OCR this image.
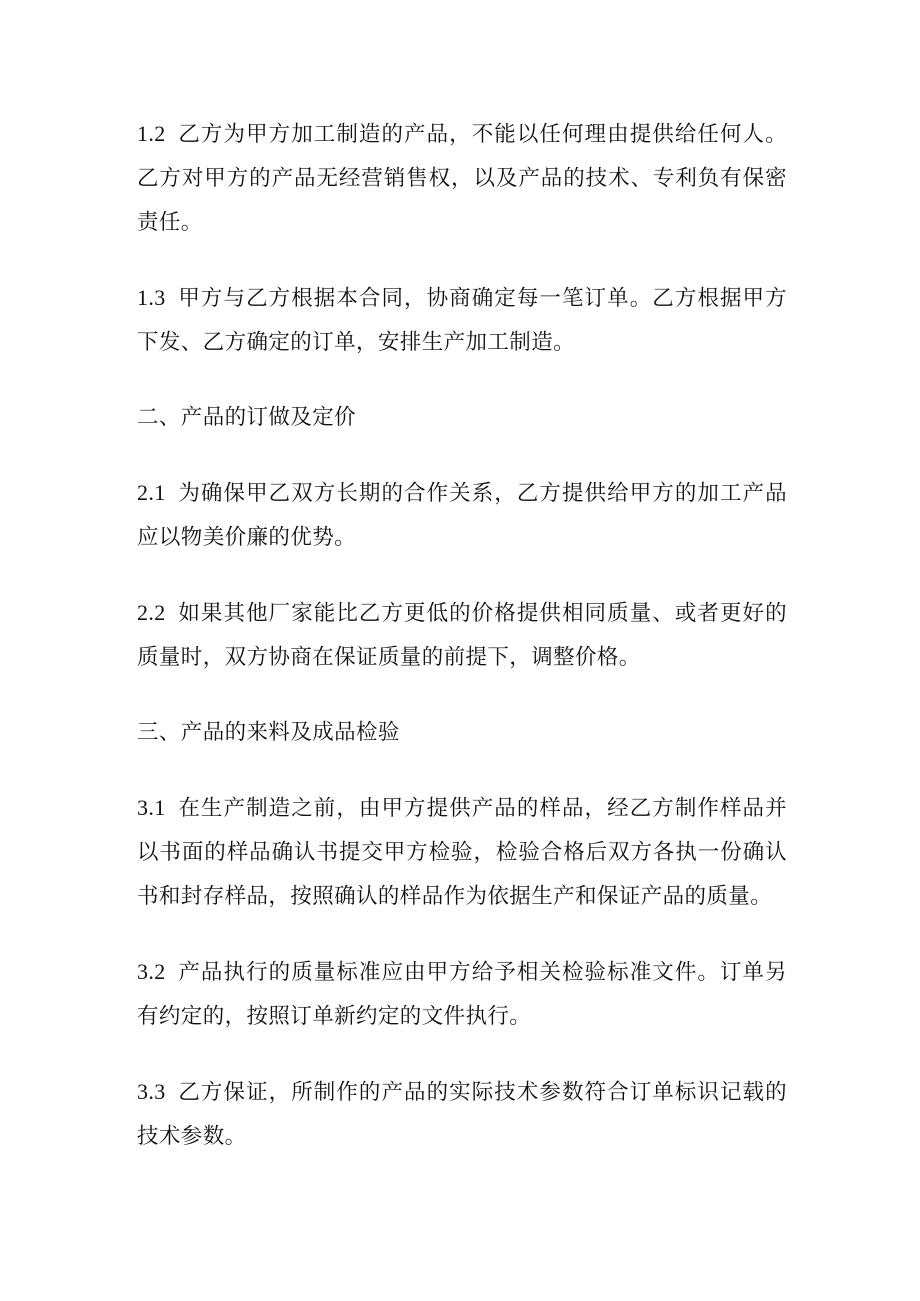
1.2 乙方为甲方加工制造的产品，不能以任何理由提供给任何人。乙方对甲方的产品无经营销售权，以及产品的技术、专利负有保密责任。

1.3 甲方与乙方根据本合同，协商确定每一笔订单。乙方根据甲方下发、乙方确定的订单，安排生产加工制造。

二、产品的订做及定价

2.1 为确保甲乙双方长期的合作关系，乙方提供给甲方的加工产品应以物美价廉的优势。

2.2 如果其他厂家能比乙方更低的价格提供相同质量、或者更好的质量时，双方协商在保证质量的前提下，调整价格。

三、产品的来料及成品检验

3.1 在生产制造之前，由甲方提供产品的样品，经乙方制作样品并以书面的样品确认书提交甲方检验，检验合格后双方各执一份确认书和封存样品，按照确认的样品作为依据生产和保证产品的质量。

3.2 产品执行的质量标准应由甲方给予相关检验标准文件。订单另有约定的，按照订单新约定的文件执行。

3.3 乙方保证，所制作的产品的实际技术参数符合订单标识记载的技术参数。
